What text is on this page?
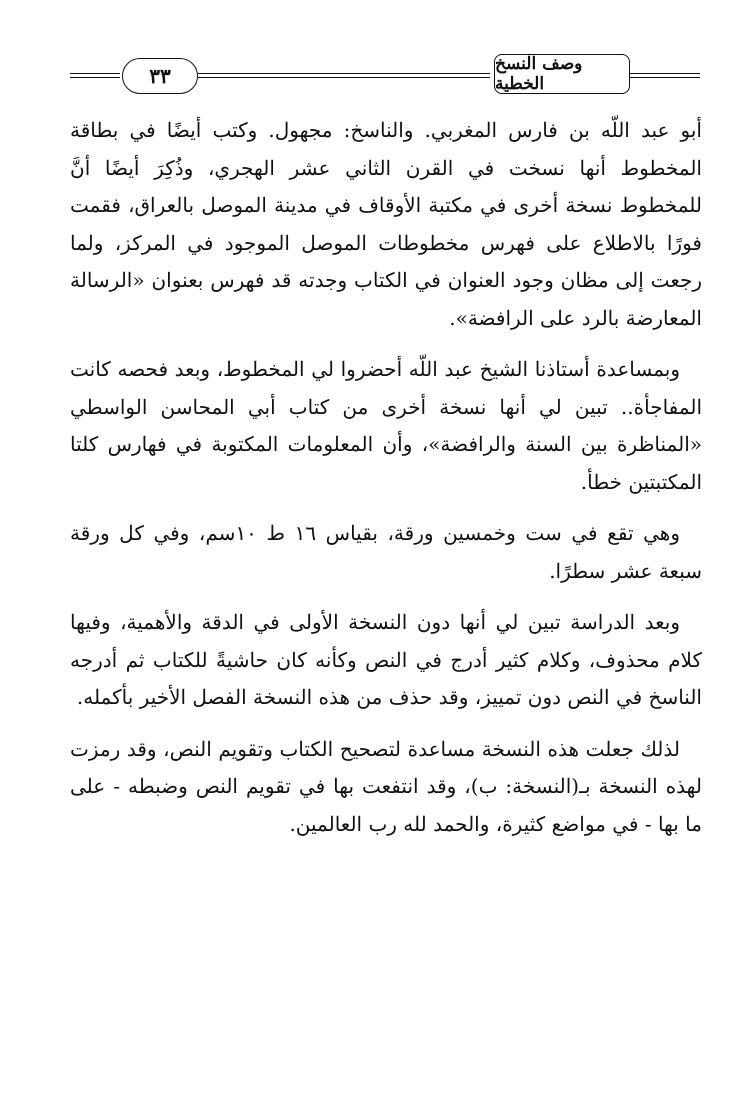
٣٣	وصف النسخ الخطية

أبو عبد اللّه بن فارس المغربي. والناسخ: مجهول. وكتب أيضًا في بطاقة المخطوط أنها نسخت في القرن الثاني عشر الهجري، وذُكِرَ أيضًا أنَّ للمخطوط نسخة أخرى في مكتبة الأوقاف في مدينة الموصل بالعراق، فقمت فورًا بالاطلاع على فهرس مخطوطات الموصل الموجود في المركز، ولما رجعت إلى مظان وجود العنوان في الكتاب وجدته قد فهرس بعنوان «الرسالة المعارضة بالرد على الرافضة».

وبمساعدة أستاذنا الشيخ عبد اللّه أحضروا لي المخطوط، وبعد فحصه كانت المفاجأة.. تبين لي أنها نسخة أخرى من كتاب أبي المحاسن الواسطي «المناظرة بين السنة والرافضة»، وأن المعلومات المكتوبة في فهارس كلتا المكتبتين خطأ.

وهي تقع في ست وخمسين ورقة، بقياس ١٦ ط ١٠سم، وفي كل ورقة سبعة عشر سطرًا.

وبعد الدراسة تبين لي أنها دون النسخة الأولى في الدقة والأهمية، وفيها كلام محذوف، وكلام كثير أدرج في النص وكأنه كان حاشيةً للكتاب ثم أدرجه الناسخ في النص دون تمييز، وقد حذف من هذه النسخة الفصل الأخير بأكمله.

لذلك جعلت هذه النسخة مساعدة لتصحيح الكتاب وتقويم النص، وقد رمزت لهذه النسخة بـ(النسخة: ب)، وقد انتفعت بها في تقويم النص وضبطه - على ما بها - في مواضع كثيرة، والحمد لله رب العالمين.
